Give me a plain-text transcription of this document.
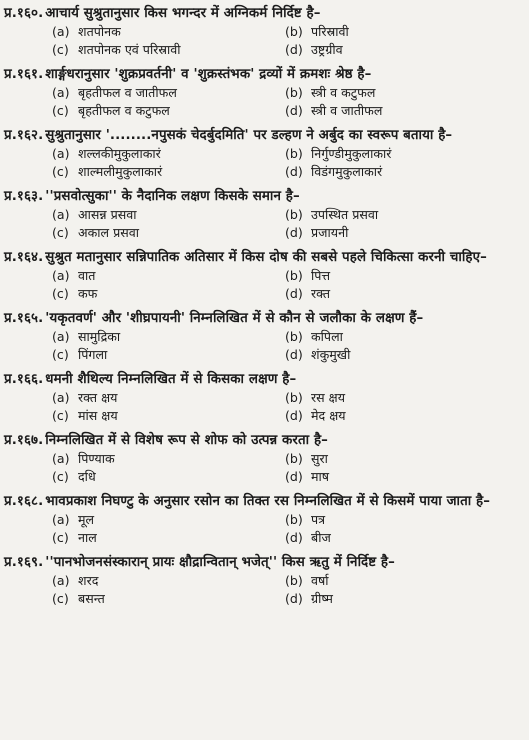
प्र.१६०. आचार्य सुश्रुतानुसार किस भगन्दर में अग्निकर्म निर्दिष्ट है–
(a) शतपोनक	(b) परिस्रावी
(c) शतपोनक एवं परिस्रावी	(d) उष्ट्रग्रीव
प्र.१६१. शार्ङ्गधरानुसार 'शुक्रप्रवर्तनी' व 'शुक्रस्तंभक' द्रव्यों में क्रमशः श्रेष्ठ है–
(a) बृहतीफल व जातीफल	(b) स्त्री व कटुफल
(c) बृहतीफल व कटुफल	(d) स्त्री व जातीफल
प्र.१६२. सुश्रुतानुसार '........नपुसकं चेदर्बुदमिति' पर डल्हण ने अर्बुद का स्वरूप बताया है–
(a) शल्लकीमुकुलाकारं	(b) निर्गुण्डीमुकुलाकारं
(c) शाल्मलीमुकुलाकारं	(d) विडंगमुकुलाकारं
प्र.१६३. ''प्रसवोत्सुका'' के नैदानिक लक्षण किसके समान है–
(a) आसन्न प्रसवा	(b) उपस्थित प्रसवा
(c) अकाल प्रसवा	(d) प्रजायनी
प्र.१६४. सुश्रुत मतानुसार सन्निपातिक अतिसार में किस दोष की सबसे पहले चिकित्सा करनी चाहिए–
(a) वात	(b) पित्त
(c) कफ	(d) रक्त
प्र.१६५. 'यकृतवर्ण' और 'शीघ्रपायनी' निम्नलिखित में से कौन से जलौका के लक्षण हैं–
(a) सामुद्रिका	(b) कपिला
(c) पिंगला	(d) शंकुमुखी
प्र.१६६. धमनी शैथिल्य निम्नलिखित में से किसका लक्षण है–
(a) रक्त क्षय	(b) रस क्षय
(c) मांस क्षय	(d) मेद क्षय
प्र.१६७. निम्नलिखित में से विशेष रूप से शोफ को उत्पन्न करता है–
(a) पिण्याक	(b) सुरा
(c) दधि	(d) माष
प्र.१६८. भावप्रकाश निघण्टु के अनुसार रसोन का तिक्त रस निम्नलिखित में से किसमें पाया जाता है–
(a) मूल	(b) पत्र
(c) नाल	(d) बीज
प्र.१६९. ''पानभोजनसंस्कारान् प्रायः क्षौद्रान्वितान् भजेत्'' किस ऋतु में निर्दिष्ट है–
(a) शरद	(b) वर्षा
(c) बसन्त	(d) ग्रीष्म
